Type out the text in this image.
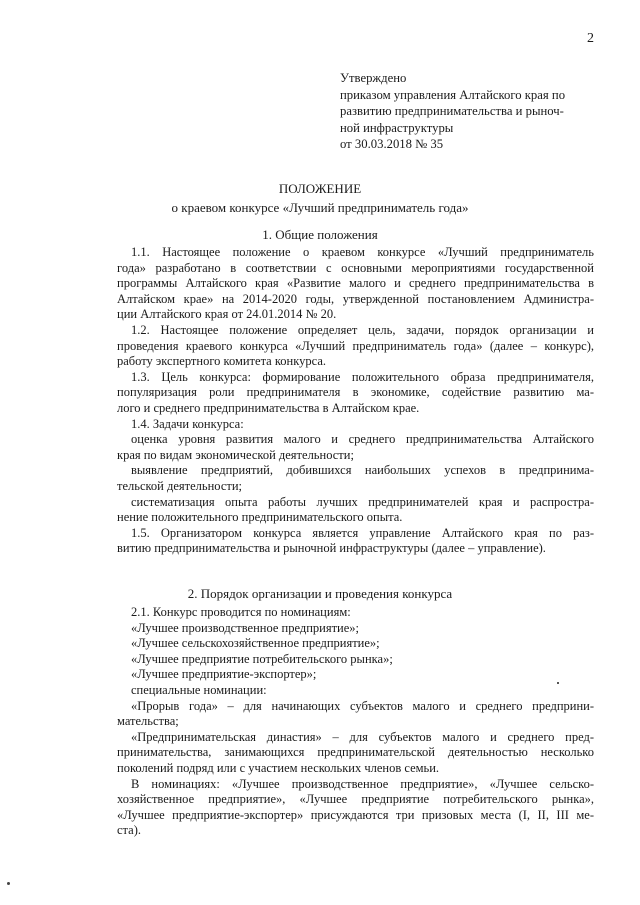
2
Утверждено
приказом управления Алтайского края по
развитию предпринимательства и рыноч-
ной инфраструктуры
от 30.03.2018 № 35
ПОЛОЖЕНИЕ
о краевом конкурсе «Лучший предприниматель года»
1. Общие положения
1.1. Настоящее положение о краевом конкурсе «Лучший предприниматель
года» разработано в соответствии с основными мероприятиями государственной
программы Алтайского края «Развитие малого и среднего предпринимательства в
Алтайском крае» на 2014-2020 годы, утвержденной постановлением Администра-
ции Алтайского края от 24.01.2014 № 20.
1.2. Настоящее положение определяет цель, задачи, порядок организации и
проведения краевого конкурса «Лучший предприниматель года» (далее – конкурс),
работу экспертного комитета конкурса.
1.3. Цель конкурса: формирование положительного образа предпринимателя,
популяризация роли предпринимателя в экономике, содействие развитию ма-
лого и среднего предпринимательства в Алтайском крае.
1.4. Задачи конкурса:
оценка уровня развития малого и среднего предпринимательства Алтайского
края по видам экономической деятельности;
выявление предприятий, добившихся наибольших успехов в предпринима-
тельской деятельности;
систематизация опыта работы лучших предпринимателей края и распростра-
нение положительного предпринимательского опыта.
1.5. Организатором конкурса является управление Алтайского края по раз-
витию предпринимательства и рыночной инфраструктуры (далее – управление).
2. Порядок организации и проведения конкурса
2.1. Конкурс проводится по номинациям:
«Лучшее производственное предприятие»;
«Лучшее сельскохозяйственное предприятие»;
«Лучшее предприятие потребительского рынка»;
«Лучшее предприятие-экспортер»;
специальные номинации:
«Прорыв года» – для начинающих субъектов малого и среднего предприни-
мательства;
«Предпринимательская династия» – для субъектов малого и среднего пред-
принимательства, занимающихся предпринимательской деятельностью несколько
поколений подряд или с участием нескольких членов семьи.
В номинациях: «Лучшее производственное предприятие», «Лучшее сельско-
хозяйственное предприятие», «Лучшее предприятие потребительского рынка»,
«Лучшее предприятие-экспортер» присуждаются три призовых места (I, II, III ме-
ста).
